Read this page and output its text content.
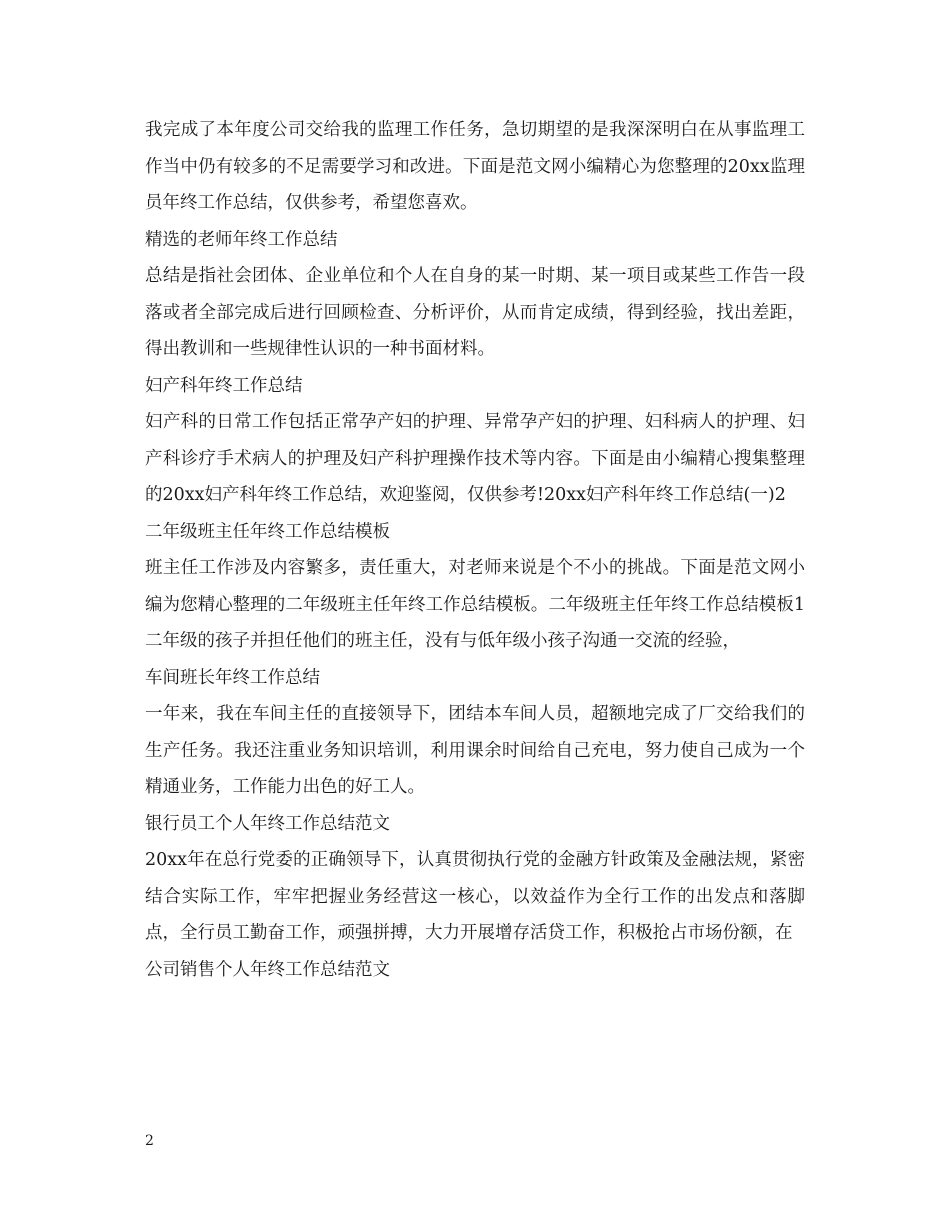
我完成了本年度公司交给我的监理工作任务，急切期望的是我深深明白在从事监理工作当中仍有较多的不足需要学习和改进。下面是范文网小编精心为您整理的20xx监理员年终工作总结，仅供参考，希望您喜欢。

精选的老师年终工作总结

总结是指社会团体、企业单位和个人在自身的某一时期、某一项目或某些工作告一段落或者全部完成后进行回顾检查、分析评价，从而肯定成绩，得到经验，找出差距，得出教训和一些规律性认识的一种书面材料。

妇产科年终工作总结

妇产科的日常工作包括正常孕产妇的护理、异常孕产妇的护理、妇科病人的护理、妇产科诊疗手术病人的护理及妇产科护理操作技术等内容。下面是由小编精心搜集整理的20xx妇产科年终工作总结，欢迎鉴阅，仅供参考!20xx妇产科年终工作总结(一)2

二年级班主任年终工作总结模板

班主任工作涉及内容繁多，责任重大，对老师来说是个不小的挑战。下面是范文网小编为您精心整理的二年级班主任年终工作总结模板。二年级班主任年终工作总结模板1二年级的孩子并担任他们的班主任，没有与低年级小孩子沟通一交流的经验，

车间班长年终工作总结

一年来，我在车间主任的直接领导下，团结本车间人员，超额地完成了厂交给我们的生产任务。我还注重业务知识培训，利用课余时间给自己充电，努力使自己成为一个精通业务，工作能力出色的好工人。

银行员工个人年终工作总结范文

20xx年在总行党委的正确领导下，认真贯彻执行党的金融方针政策及金融法规，紧密结合实际工作，牢牢把握业务经营这一核心，以效益作为全行工作的出发点和落脚点，全行员工勤奋工作，顽强拼搏，大力开展增存活贷工作，积极抢占市场份额，在

公司销售个人年终工作总结范文

2
